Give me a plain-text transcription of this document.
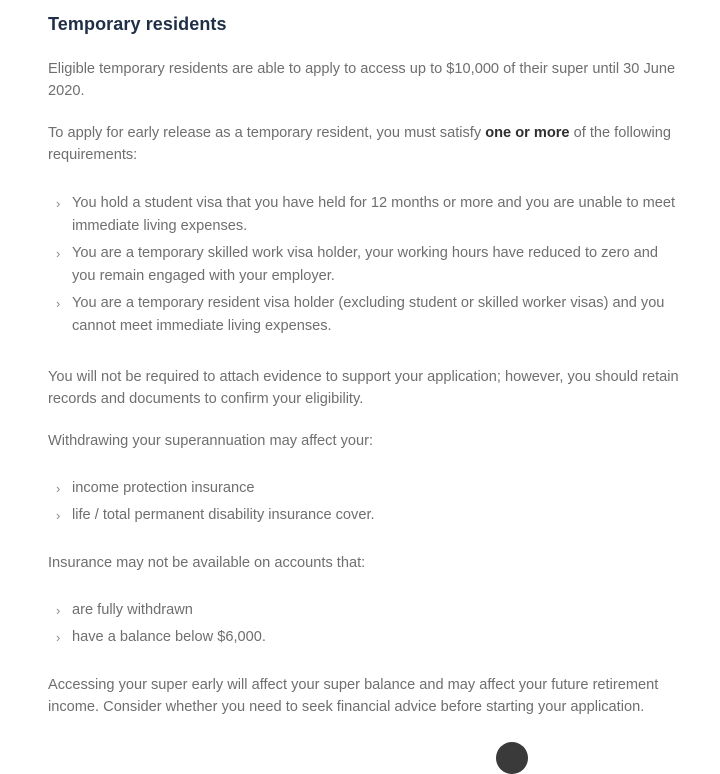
Temporary residents

Eligible temporary residents are able to apply to access up to $10,000 of their super until 30 June 2020.

To apply for early release as a temporary resident, you must satisfy one or more of the following requirements:

› You hold a student visa that you have held for 12 months or more and you are unable to meet immediate living expenses.
› You are a temporary skilled work visa holder, your working hours have reduced to zero and you remain engaged with your employer.
› You are a temporary resident visa holder (excluding student or skilled worker visas) and you cannot meet immediate living expenses.

You will not be required to attach evidence to support your application; however, you should retain records and documents to confirm your eligibility.

Withdrawing your superannuation may affect your:

› income protection insurance
› life / total permanent disability insurance cover.

Insurance may not be available on accounts that:

› are fully withdrawn
› have a balance below $6,000.

Accessing your super early will affect your super balance and may affect your future retirement income. Consider whether you need to seek financial advice before starting your application.
